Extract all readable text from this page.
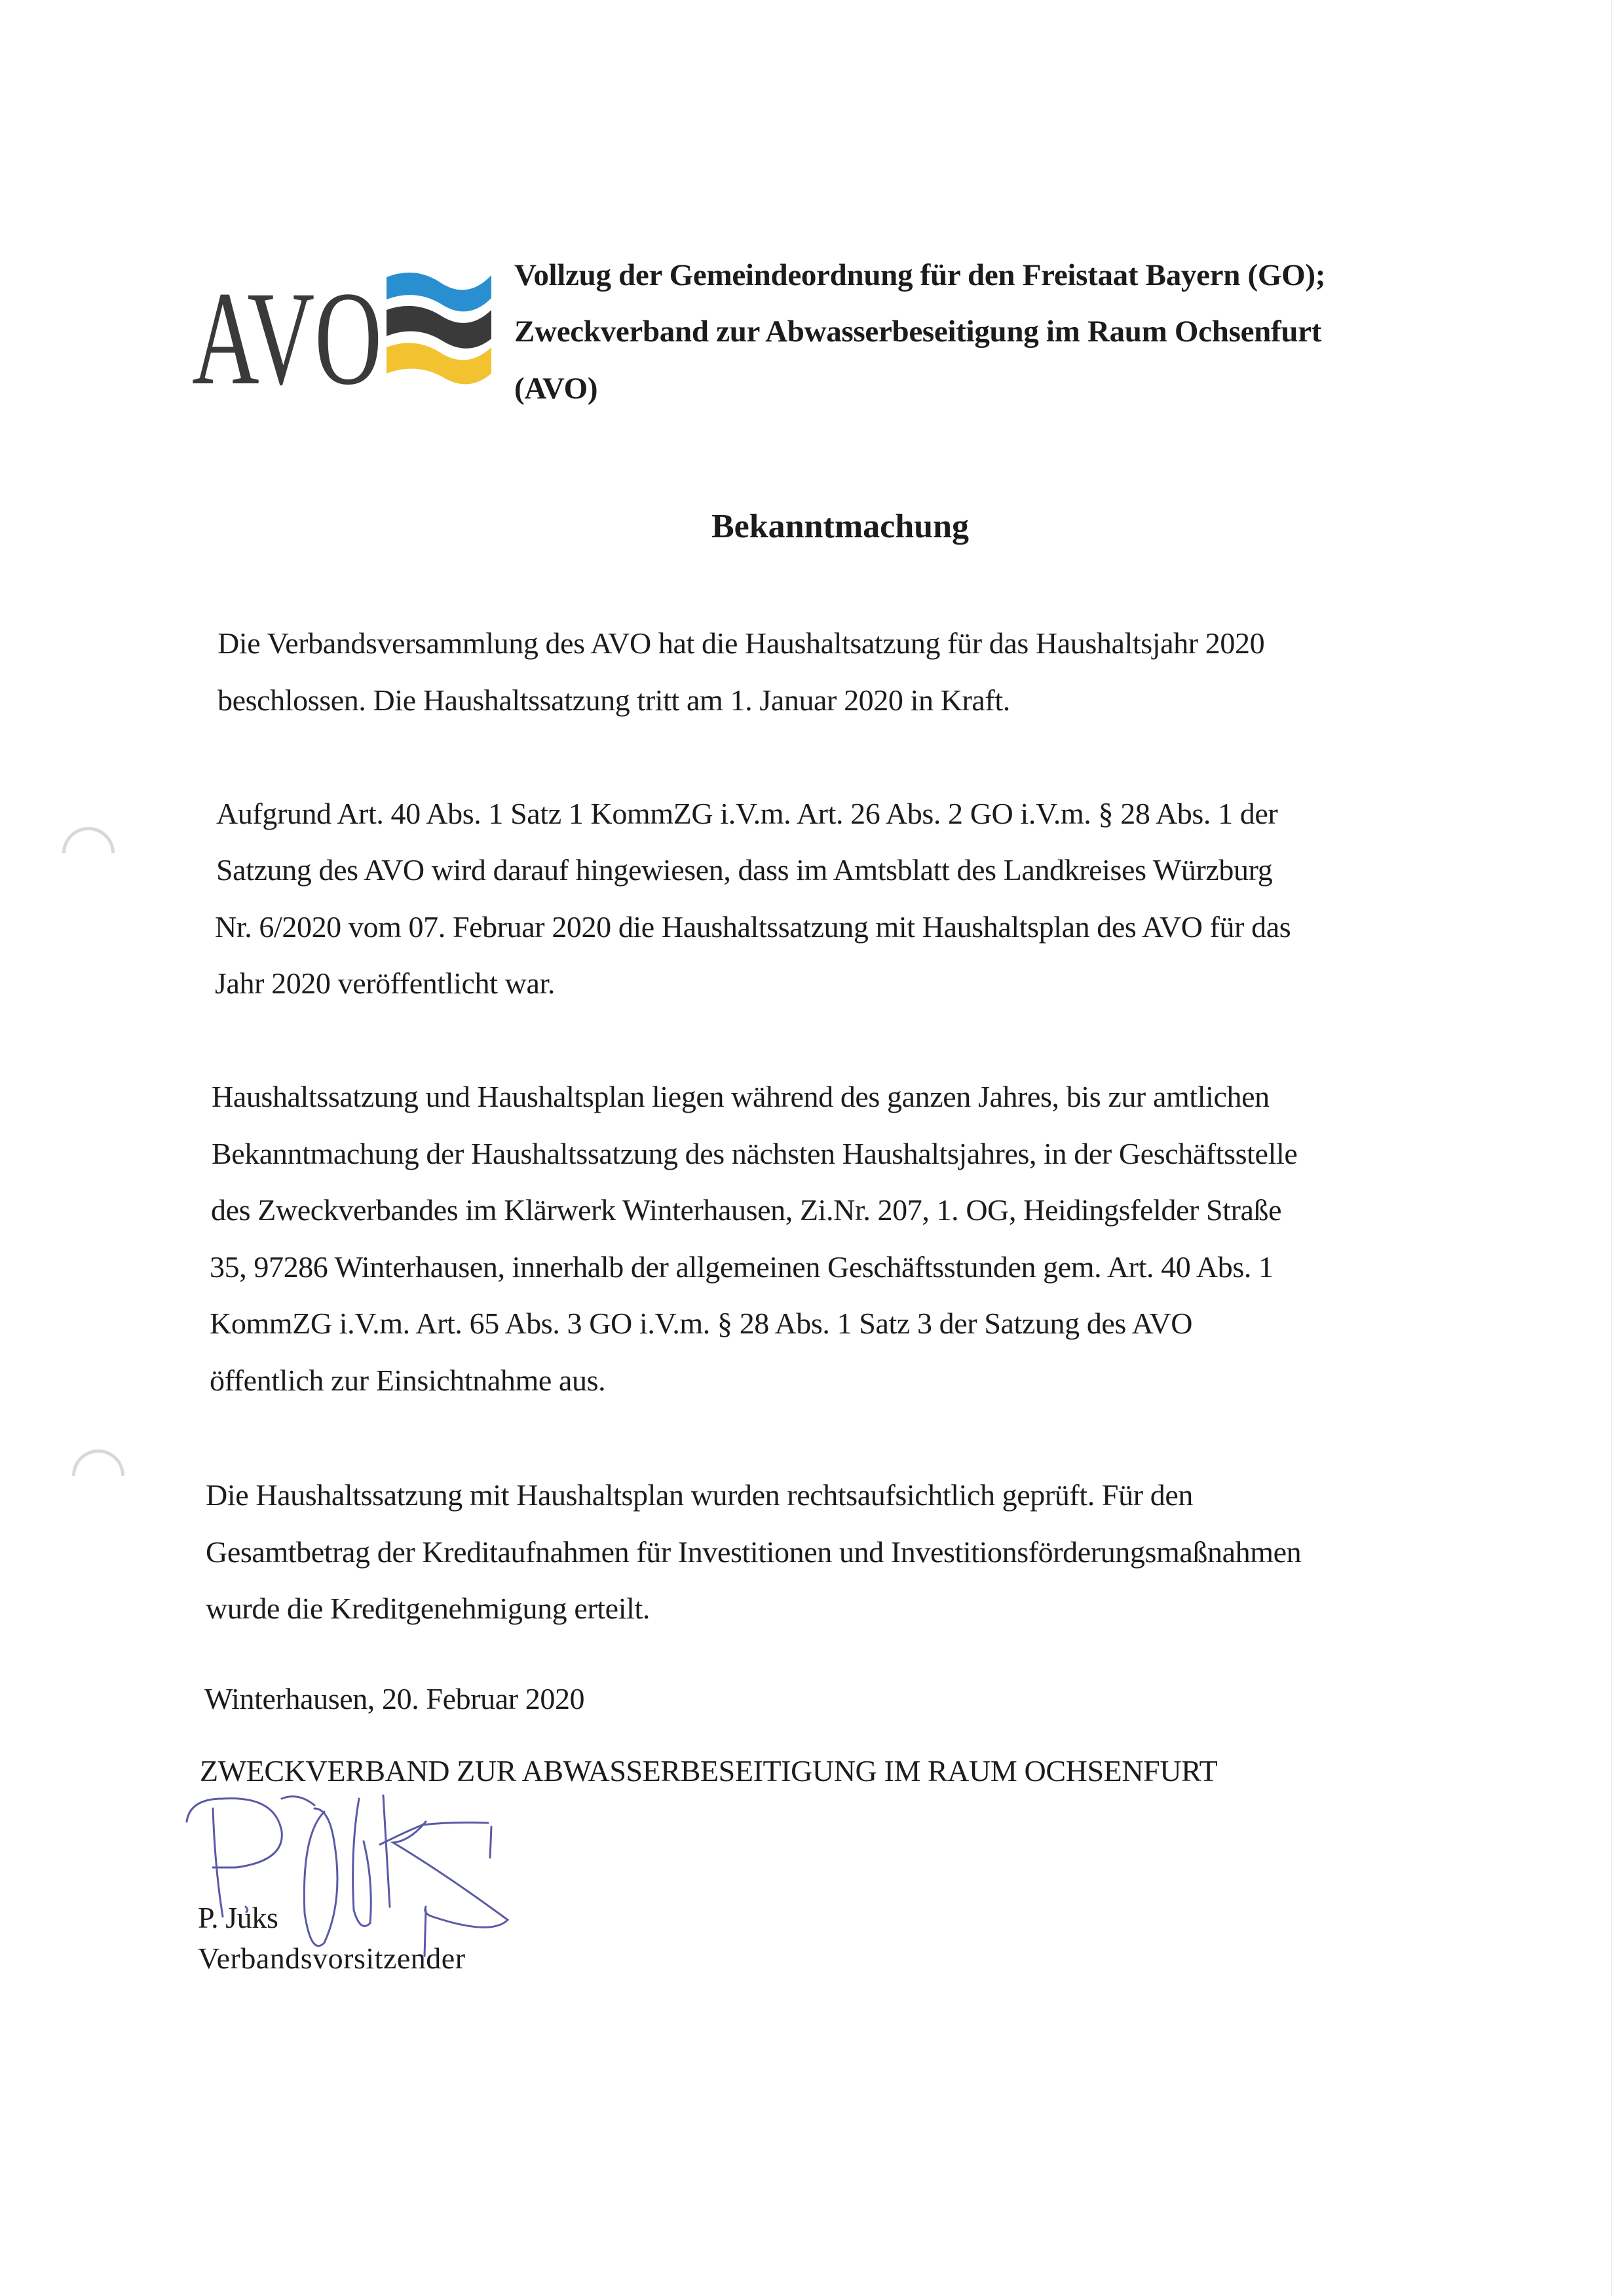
AVO	Vollzug der Gemeindeordnung für den Freistaat Bayern (GO);
Zweckverband zur Abwasserbeseitigung im Raum Ochsenfurt
(AVO)
Bekanntmachung
Die Verbandsversammlung des AVO hat die Haushaltsatzung für das Haushaltsjahr 2020
beschlossen. Die Haushaltssatzung tritt am 1. Januar 2020 in Kraft.
Aufgrund Art. 40 Abs. 1 Satz 1 KommZG i.V.m. Art. 26 Abs. 2 GO i.V.m. § 28 Abs. 1 der
Satzung des AVO wird darauf hingewiesen, dass im Amtsblatt des Landkreises Würzburg
Nr. 6/2020 vom 07. Februar 2020 die Haushaltssatzung mit Haushaltsplan des AVO für das
Jahr 2020 veröffentlicht war.
Haushaltssatzung und Haushaltsplan liegen während des ganzen Jahres, bis zur amtlichen
Bekanntmachung der Haushaltssatzung des nächsten Haushaltsjahres, in der Geschäftsstelle
des Zweckverbandes im Klärwerk Winterhausen, Zi.Nr. 207, 1. OG, Heidingsfelder Straße
35, 97286 Winterhausen, innerhalb der allgemeinen Geschäftsstunden gem. Art. 40 Abs. 1
KommZG i.V.m. Art. 65 Abs. 3 GO i.V.m. § 28 Abs. 1 Satz 3 der Satzung des AVO
öffentlich zur Einsichtnahme aus.
Die Haushaltssatzung mit Haushaltsplan wurden rechtsaufsichtlich geprüft. Für den
Gesamtbetrag der Kreditaufnahmen für Investitionen und Investitionsförderungsmaßnahmen
wurde die Kreditgenehmigung erteilt.
Winterhausen, 20. Februar 2020
ZWECKVERBAND ZUR ABWASSERBESEITIGUNG IM RAUM OCHSENFURT
P. Juks
Verbandsvorsitzender
